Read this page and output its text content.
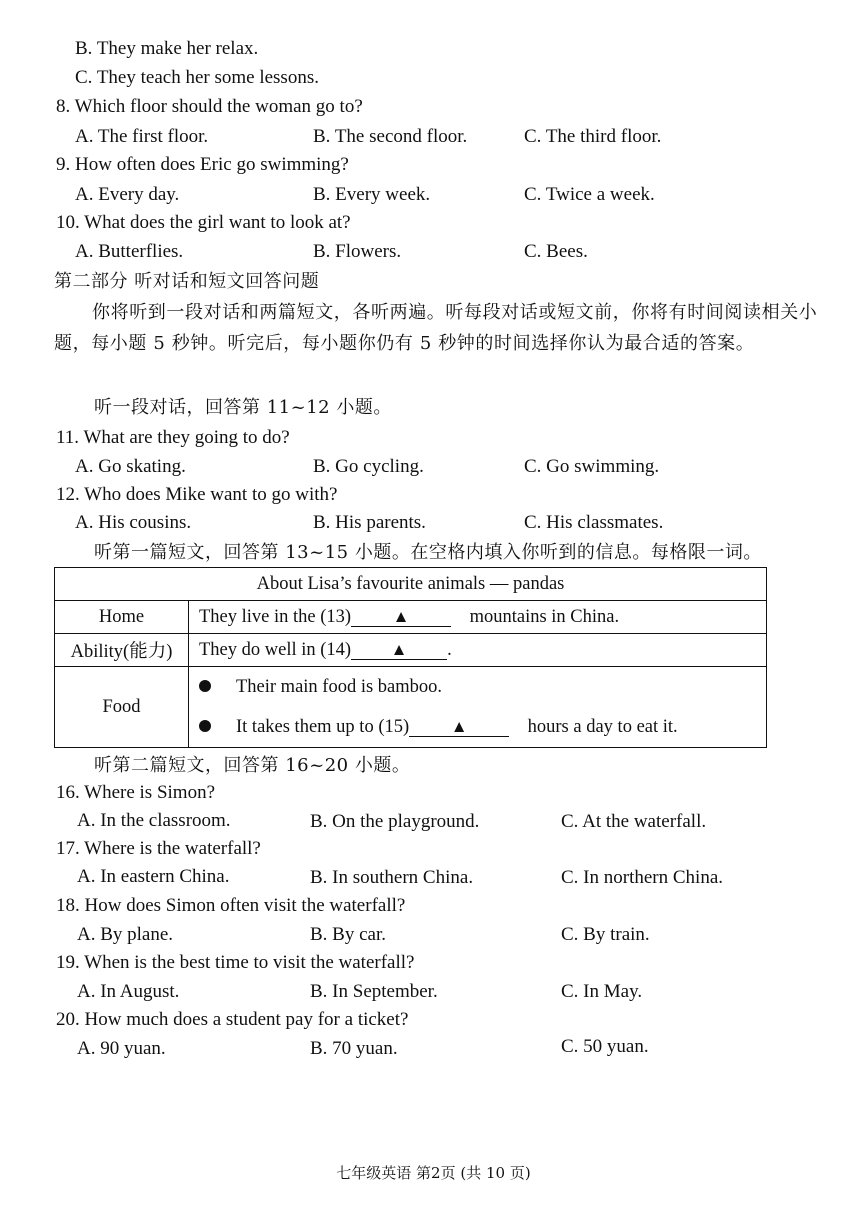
B. They make her relax.
C. They teach her some lessons.
8. Which floor should the woman go to?
A. The first floor.	B. The second floor.	C. The third floor.
9. How often does Eric go swimming?
A. Every day.	B. Every week.	C. Twice a week.
10. What does the girl want to look at?
A. Butterflies.	B. Flowers.	C. Bees.
第二部分 听对话和短文回答问题
你将听到一段对话和两篇短文，各听两遍。听每段对话或短文前，你将有时间阅读相关小题，每小题 5 秒钟。听完后，每小题你仍有 5 秒钟的时间选择你认为最合适的答案。
听一段对话，回答第 11~12 小题。
11. What are they going to do?
A. Go skating.	B. Go cycling.	C. Go swimming.
12. Who does Mike want to go with?
A. His cousins.	B. His parents.	C. His classmates.
听第一篇短文，回答第 13~15 小题。在空格内填入你听到的信息。每格限一词。
About Lisa’s favourite animals — pandas	
Home	They live in the (13) ▲ mountains in China.
Ability(能力)	They do well in (14) ▲ .
Food	Their main food is bamboo.
It takes them up to (15) ▲ hours a day to eat it.
听第二篇短文，回答第 16~20 小题。
16. Where is Simon?
A. In the classroom.	B. On the playground.	C. At the waterfall.
17. Where is the waterfall?
A. In eastern China.	B. In southern China.	C. In northern China.
18. How does Simon often visit the waterfall?
A. By plane.	B. By car.	C. By train.
19. When is the best time to visit the waterfall?
A. In August.	B. In September.	C. In May.
20. How much does a student pay for a ticket?
A. 90 yuan.	B. 70 yuan.	C. 50 yuan.
七年级英语 第2页 (共 10 页)
